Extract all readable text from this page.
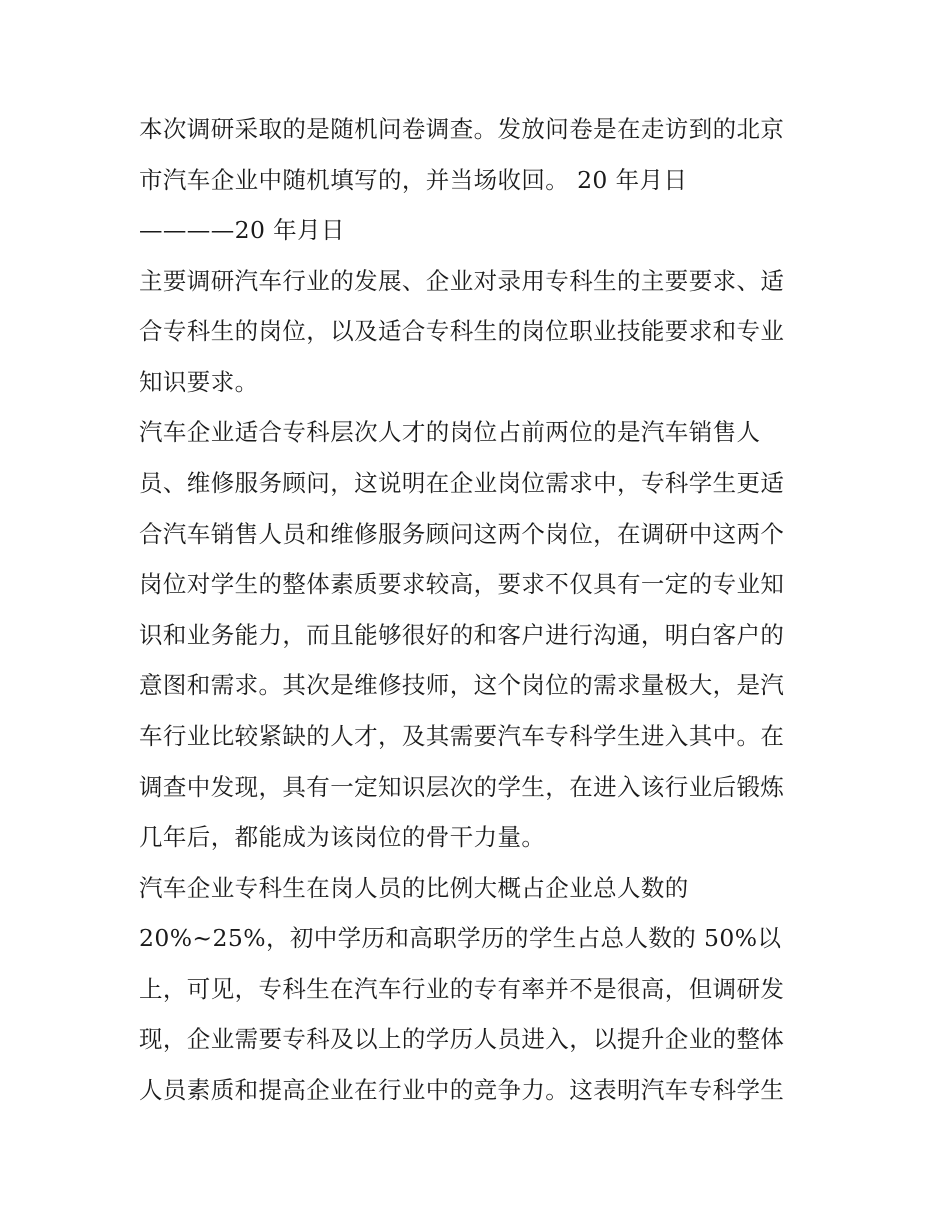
本次调研采取的是随机问卷调查。发放问卷是在走访到的北京
市汽车企业中随机填写的，并当场收回。 20 年月日
————20 年月日
主要调研汽车行业的发展、企业对录用专科生的主要要求、适
合专科生的岗位，以及适合专科生的岗位职业技能要求和专业
知识要求。
汽车企业适合专科层次人才的岗位占前两位的是汽车销售人
员、维修服务顾问，这说明在企业岗位需求中，专科学生更适
合汽车销售人员和维修服务顾问这两个岗位，在调研中这两个
岗位对学生的整体素质要求较高，要求不仅具有一定的专业知
识和业务能力，而且能够很好的和客户进行沟通，明白客户的
意图和需求。其次是维修技师，这个岗位的需求量极大，是汽
车行业比较紧缺的人才，及其需要汽车专科学生进入其中。在
调查中发现，具有一定知识层次的学生，在进入该行业后锻炼
几年后，都能成为该岗位的骨干力量。
汽车企业专科生在岗人员的比例大概占企业总人数的
20%~25%，初中学历和高职学历的学生占总人数的 50%以
上，可见，专科生在汽车行业的专有率并不是很高，但调研发
现，企业需要专科及以上的学历人员进入，以提升企业的整体
人员素质和提高企业在行业中的竞争力。这表明汽车专科学生
